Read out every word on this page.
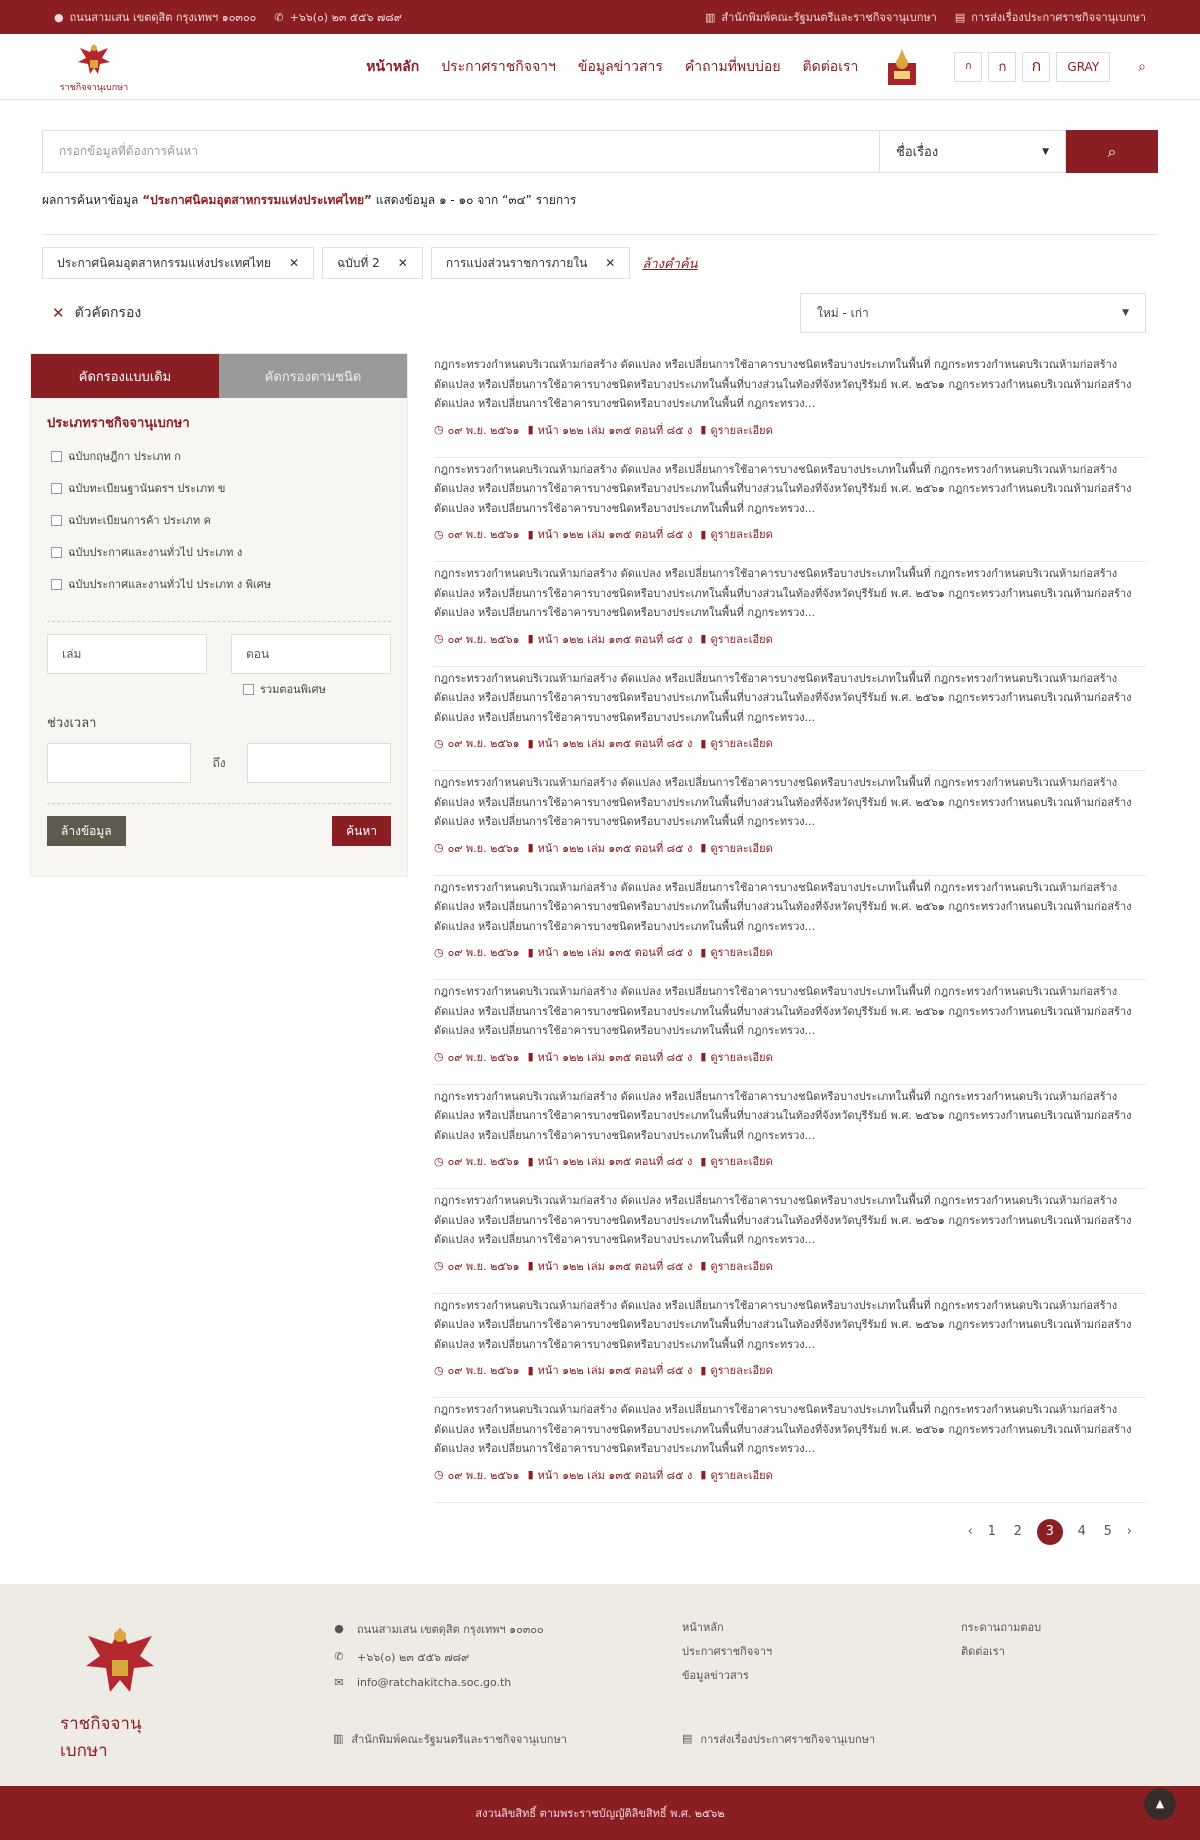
● ถนนสามเสน เขตดุสิต กรุงเทพฯ ๑๐๓๐๐ ✆ +๖๖(๐) ๒๓ ๕๕๖ ๗๘๙	▥ สำนักพิมพ์คณะรัฐมนตรีและราชกิจจานุเบกษา ▤ การส่งเรื่องประกาศราชกิจจานุเบกษา
ราชกิจจานุเบกษา
หน้าหลัก ประกาศราชกิจจาฯ ข้อมูลข่าวสาร คำถามที่พบบ่อย ติดต่อเรา	ก	ก	ก	GRAY	⌕
กรอกข้อมูลที่ต้องการค้นหา	ชื่อเรื่อง	▼	⌕
ผลการค้นหาข้อมูล “ประกาศนิคมอุตสาหกรรมแห่งประเทศไทย” แสดงข้อมูล ๑ - ๑๐ จาก “๓๔” รายการ
ประกาศนิคมอุตสาหกรรมแห่งประเทศไทย ✕	ฉบับที่ 2 ✕	การแบ่งส่วนราชการภายใน ✕ ล้างคำค้น
✕ ตัวคัดกรอง	ใหม่ - เก่า	▼
คัดกรองแบบเดิม	คัดกรองตามชนิด
ประเภทราชกิจจานุเบกษา
ฉบับกฤษฎีกา ประเภท ก
ฉบับทะเบียนฐานันดรฯ ประเภท ข
ฉบับทะเบียนการค้า ประเภท ค
ฉบับประกาศและงานทั่วไป ประเภท ง
ฉบับประกาศและงานทั่วไป ประเภท ง พิเศษ
เล่ม	ตอน
รวมตอนพิเศษ
ช่วงเวลา
ถึง
ล้างข้อมูล	ค้นหา
กฎกระทรวงกำหนดบริเวณห้ามก่อสร้าง ดัดแปลง หรือเปลี่ยนการใช้อาคารบางชนิดหรือบางประเภทในพื้นที่ กฎกระทรวงกำหนดบริเวณห้ามก่อสร้าง ดัดแปลง หรือเปลี่ยนการใช้อาคารบางชนิดหรือบางประเภทในพื้นที่บางส่วนในท้องที่จังหวัดบุรีรัมย์ พ.ศ. ๒๕๖๑ กฎกระทรวงกำหนดบริเวณห้ามก่อสร้าง ดัดแปลง หรือเปลี่ยนการใช้อาคารบางชนิดหรือบางประเภทในพื้นที่ กฎกระทรวง...
◷ ๐๙ พ.ย. ๒๕๖๑ ▮ หน้า ๑๒๒ เล่ม ๑๓๕ ตอนที่ ๘๕ ง ▮ ดูรายละเอียด
กฎกระทรวงกำหนดบริเวณห้ามก่อสร้าง ดัดแปลง หรือเปลี่ยนการใช้อาคารบางชนิดหรือบางประเภทในพื้นที่ กฎกระทรวงกำหนดบริเวณห้ามก่อสร้าง ดัดแปลง หรือเปลี่ยนการใช้อาคารบางชนิดหรือบางประเภทในพื้นที่บางส่วนในท้องที่จังหวัดบุรีรัมย์ พ.ศ. ๒๕๖๑ กฎกระทรวงกำหนดบริเวณห้ามก่อสร้าง ดัดแปลง หรือเปลี่ยนการใช้อาคารบางชนิดหรือบางประเภทในพื้นที่ กฎกระทรวง...
◷ ๐๙ พ.ย. ๒๕๖๑ ▮ หน้า ๑๒๒ เล่ม ๑๓๕ ตอนที่ ๘๕ ง ▮ ดูรายละเอียด
กฎกระทรวงกำหนดบริเวณห้ามก่อสร้าง ดัดแปลง หรือเปลี่ยนการใช้อาคารบางชนิดหรือบางประเภทในพื้นที่ กฎกระทรวงกำหนดบริเวณห้ามก่อสร้าง ดัดแปลง หรือเปลี่ยนการใช้อาคารบางชนิดหรือบางประเภทในพื้นที่บางส่วนในท้องที่จังหวัดบุรีรัมย์ พ.ศ. ๒๕๖๑ กฎกระทรวงกำหนดบริเวณห้ามก่อสร้าง ดัดแปลง หรือเปลี่ยนการใช้อาคารบางชนิดหรือบางประเภทในพื้นที่ กฎกระทรวง...
◷ ๐๙ พ.ย. ๒๕๖๑ ▮ หน้า ๑๒๒ เล่ม ๑๓๕ ตอนที่ ๘๕ ง ▮ ดูรายละเอียด
กฎกระทรวงกำหนดบริเวณห้ามก่อสร้าง ดัดแปลง หรือเปลี่ยนการใช้อาคารบางชนิดหรือบางประเภทในพื้นที่ กฎกระทรวงกำหนดบริเวณห้ามก่อสร้าง ดัดแปลง หรือเปลี่ยนการใช้อาคารบางชนิดหรือบางประเภทในพื้นที่บางส่วนในท้องที่จังหวัดบุรีรัมย์ พ.ศ. ๒๕๖๑ กฎกระทรวงกำหนดบริเวณห้ามก่อสร้าง ดัดแปลง หรือเปลี่ยนการใช้อาคารบางชนิดหรือบางประเภทในพื้นที่ กฎกระทรวง...
◷ ๐๙ พ.ย. ๒๕๖๑ ▮ หน้า ๑๒๒ เล่ม ๑๓๕ ตอนที่ ๘๕ ง ▮ ดูรายละเอียด
กฎกระทรวงกำหนดบริเวณห้ามก่อสร้าง ดัดแปลง หรือเปลี่ยนการใช้อาคารบางชนิดหรือบางประเภทในพื้นที่ กฎกระทรวงกำหนดบริเวณห้ามก่อสร้าง ดัดแปลง หรือเปลี่ยนการใช้อาคารบางชนิดหรือบางประเภทในพื้นที่บางส่วนในท้องที่จังหวัดบุรีรัมย์ พ.ศ. ๒๕๖๑ กฎกระทรวงกำหนดบริเวณห้ามก่อสร้าง ดัดแปลง หรือเปลี่ยนการใช้อาคารบางชนิดหรือบางประเภทในพื้นที่ กฎกระทรวง...
◷ ๐๙ พ.ย. ๒๕๖๑ ▮ หน้า ๑๒๒ เล่ม ๑๓๕ ตอนที่ ๘๕ ง ▮ ดูรายละเอียด
กฎกระทรวงกำหนดบริเวณห้ามก่อสร้าง ดัดแปลง หรือเปลี่ยนการใช้อาคารบางชนิดหรือบางประเภทในพื้นที่ กฎกระทรวงกำหนดบริเวณห้ามก่อสร้าง ดัดแปลง หรือเปลี่ยนการใช้อาคารบางชนิดหรือบางประเภทในพื้นที่บางส่วนในท้องที่จังหวัดบุรีรัมย์ พ.ศ. ๒๕๖๑ กฎกระทรวงกำหนดบริเวณห้ามก่อสร้าง ดัดแปลง หรือเปลี่ยนการใช้อาคารบางชนิดหรือบางประเภทในพื้นที่ กฎกระทรวง...
◷ ๐๙ พ.ย. ๒๕๖๑ ▮ หน้า ๑๒๒ เล่ม ๑๓๕ ตอนที่ ๘๕ ง ▮ ดูรายละเอียด
กฎกระทรวงกำหนดบริเวณห้ามก่อสร้าง ดัดแปลง หรือเปลี่ยนการใช้อาคารบางชนิดหรือบางประเภทในพื้นที่ กฎกระทรวงกำหนดบริเวณห้ามก่อสร้าง ดัดแปลง หรือเปลี่ยนการใช้อาคารบางชนิดหรือบางประเภทในพื้นที่บางส่วนในท้องที่จังหวัดบุรีรัมย์ พ.ศ. ๒๕๖๑ กฎกระทรวงกำหนดบริเวณห้ามก่อสร้าง ดัดแปลง หรือเปลี่ยนการใช้อาคารบางชนิดหรือบางประเภทในพื้นที่ กฎกระทรวง...
◷ ๐๙ พ.ย. ๒๕๖๑ ▮ หน้า ๑๒๒ เล่ม ๑๓๕ ตอนที่ ๘๕ ง ▮ ดูรายละเอียด
กฎกระทรวงกำหนดบริเวณห้ามก่อสร้าง ดัดแปลง หรือเปลี่ยนการใช้อาคารบางชนิดหรือบางประเภทในพื้นที่ กฎกระทรวงกำหนดบริเวณห้ามก่อสร้าง ดัดแปลง หรือเปลี่ยนการใช้อาคารบางชนิดหรือบางประเภทในพื้นที่บางส่วนในท้องที่จังหวัดบุรีรัมย์ พ.ศ. ๒๕๖๑ กฎกระทรวงกำหนดบริเวณห้ามก่อสร้าง ดัดแปลง หรือเปลี่ยนการใช้อาคารบางชนิดหรือบางประเภทในพื้นที่ กฎกระทรวง...
◷ ๐๙ พ.ย. ๒๕๖๑ ▮ หน้า ๑๒๒ เล่ม ๑๓๕ ตอนที่ ๘๕ ง ▮ ดูรายละเอียด
กฎกระทรวงกำหนดบริเวณห้ามก่อสร้าง ดัดแปลง หรือเปลี่ยนการใช้อาคารบางชนิดหรือบางประเภทในพื้นที่ กฎกระทรวงกำหนดบริเวณห้ามก่อสร้าง ดัดแปลง หรือเปลี่ยนการใช้อาคารบางชนิดหรือบางประเภทในพื้นที่บางส่วนในท้องที่จังหวัดบุรีรัมย์ พ.ศ. ๒๕๖๑ กฎกระทรวงกำหนดบริเวณห้ามก่อสร้าง ดัดแปลง หรือเปลี่ยนการใช้อาคารบางชนิดหรือบางประเภทในพื้นที่ กฎกระทรวง...
◷ ๐๙ พ.ย. ๒๕๖๑ ▮ หน้า ๑๒๒ เล่ม ๑๓๕ ตอนที่ ๘๕ ง ▮ ดูรายละเอียด
กฎกระทรวงกำหนดบริเวณห้ามก่อสร้าง ดัดแปลง หรือเปลี่ยนการใช้อาคารบางชนิดหรือบางประเภทในพื้นที่ กฎกระทรวงกำหนดบริเวณห้ามก่อสร้าง ดัดแปลง หรือเปลี่ยนการใช้อาคารบางชนิดหรือบางประเภทในพื้นที่บางส่วนในท้องที่จังหวัดบุรีรัมย์ พ.ศ. ๒๕๖๑ กฎกระทรวงกำหนดบริเวณห้ามก่อสร้าง ดัดแปลง หรือเปลี่ยนการใช้อาคารบางชนิดหรือบางประเภทในพื้นที่ กฎกระทรวง...
◷ ๐๙ พ.ย. ๒๕๖๑ ▮ หน้า ๑๒๒ เล่ม ๑๓๕ ตอนที่ ๘๕ ง ▮ ดูรายละเอียด
กฎกระทรวงกำหนดบริเวณห้ามก่อสร้าง ดัดแปลง หรือเปลี่ยนการใช้อาคารบางชนิดหรือบางประเภทในพื้นที่ กฎกระทรวงกำหนดบริเวณห้ามก่อสร้าง ดัดแปลง หรือเปลี่ยนการใช้อาคารบางชนิดหรือบางประเภทในพื้นที่บางส่วนในท้องที่จังหวัดบุรีรัมย์ พ.ศ. ๒๕๖๑ กฎกระทรวงกำหนดบริเวณห้ามก่อสร้าง ดัดแปลง หรือเปลี่ยนการใช้อาคารบางชนิดหรือบางประเภทในพื้นที่ กฎกระทรวง...
◷ ๐๙ พ.ย. ๒๕๖๑ ▮ หน้า ๑๒๒ เล่ม ๑๓๕ ตอนที่ ๘๕ ง ▮ ดูรายละเอียด
‹ 1 2	3	4 5 ›
ราชกิจจานุเบกษา
● ถนนสามเสน เขตดุสิต กรุงเทพฯ ๑๐๓๐๐
✆ +๖๖(๐) ๒๓ ๕๕๖ ๗๘๙
✉ info@ratchakitcha.soc.go.th
หน้าหลัก
ประกาศราชกิจจาฯ
ข้อมูลข่าวสาร
กระดานถามตอบ
ติดต่อเรา
▥ สำนักพิมพ์คณะรัฐมนตรีและราชกิจจานุเบกษา	▤ การส่งเรื่องประกาศราชกิจจานุเบกษา
สงวนลิขสิทธิ์ ตามพระราชบัญญัติลิขสิทธิ์ พ.ศ. ๒๕๖๒
▲
